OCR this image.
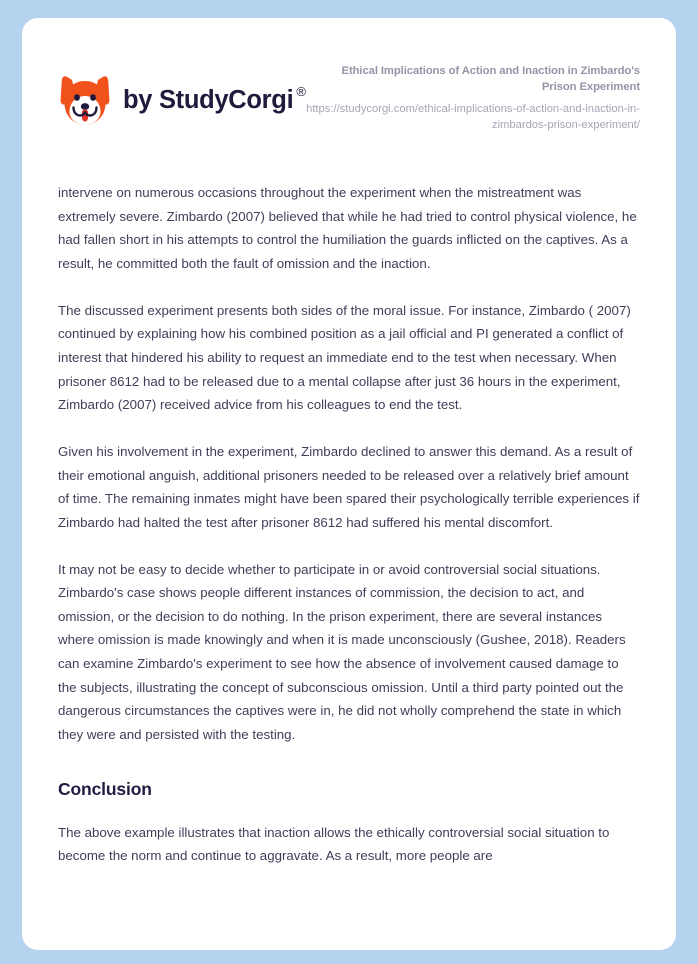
by StudyCorgi ®
Ethical Implications of Action and Inaction in Zimbardo's Prison Experiment
https://studycorgi.com/ethical-implications-of-action-and-inaction-in-zimbardos-prison-experiment/

intervene on numerous occasions throughout the experiment when the mistreatment was extremely severe. Zimbardo (2007) believed that while he had tried to control physical violence, he had fallen short in his attempts to control the humiliation the guards inflicted on the captives. As a result, he committed both the fault of omission and the inaction.

The discussed experiment presents both sides of the moral issue. For instance, Zimbardo ( 2007) continued by explaining how his combined position as a jail official and PI generated a conflict of interest that hindered his ability to request an immediate end to the test when necessary. When prisoner 8612 had to be released due to a mental collapse after just 36 hours in the experiment, Zimbardo (2007) received advice from his colleagues to end the test.

Given his involvement in the experiment, Zimbardo declined to answer this demand. As a result of their emotional anguish, additional prisoners needed to be released over a relatively brief amount of time. The remaining inmates might have been spared their psychologically terrible experiences if Zimbardo had halted the test after prisoner 8612 had suffered his mental discomfort.

It may not be easy to decide whether to participate in or avoid controversial social situations. Zimbardo's case shows people different instances of commission, the decision to act, and omission, or the decision to do nothing. In the prison experiment, there are several instances where omission is made knowingly and when it is made unconsciously (Gushee, 2018). Readers can examine Zimbardo's experiment to see how the absence of involvement caused damage to the subjects, illustrating the concept of subconscious omission. Until a third party pointed out the dangerous circumstances the captives were in, he did not wholly comprehend the state in which they were and persisted with the testing.

Conclusion

The above example illustrates that inaction allows the ethically controversial social situation to become the norm and continue to aggravate. As a result, more people are
